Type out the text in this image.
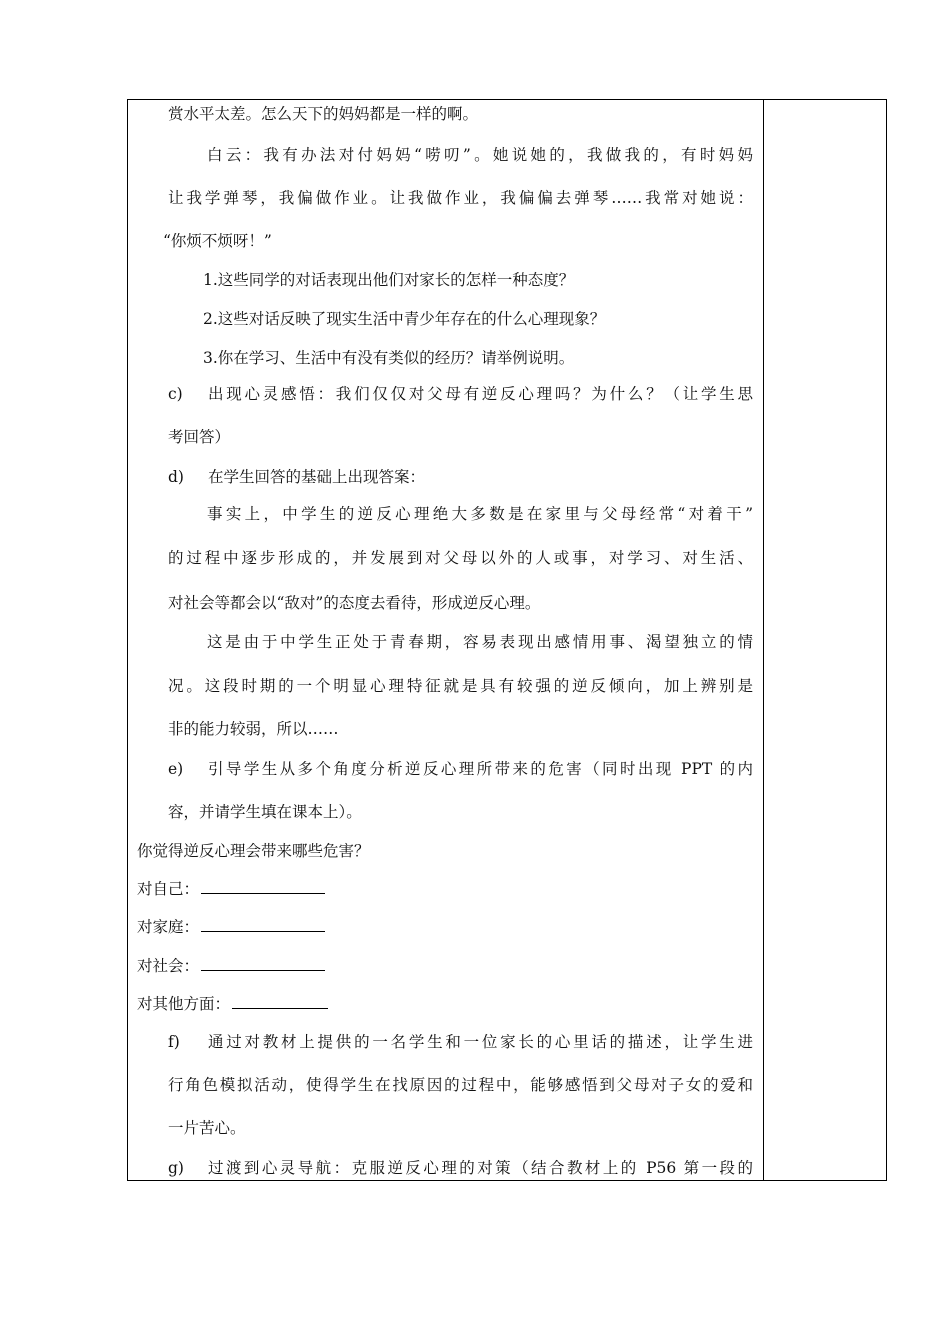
赏水平太差。怎么天下的妈妈都是一样的啊。
白云：我有办法对付妈妈“唠叨”。她说她的，我做我的，有时妈妈
让我学弹琴，我偏做作业。让我做作业，我偏偏去弹琴……我常对她说：
“你烦不烦呀！”
1.这些同学的对话表现出他们对家长的怎样一种态度？
2.这些对话反映了现实生活中青少年存在的什么心理现象？
3.你在学习、生活中有没有类似的经历？请举例说明。
c) 出现心灵感悟：我们仅仅对父母有逆反心理吗？为什么？（让学生思
考回答）
d) 在学生回答的基础上出现答案：
事实上，中学生的逆反心理绝大多数是在家里与父母经常“对着干”
的过程中逐步形成的，并发展到对父母以外的人或事，对学习、对生活、
对社会等都会以“敌对”的态度去看待，形成逆反心理。
这是由于中学生正处于青春期，容易表现出感情用事、渴望独立的情
况。这段时期的一个明显心理特征就是具有较强的逆反倾向，加上辨别是
非的能力较弱，所以……
e) 引导学生从多个角度分析逆反心理所带来的危害（同时出现 PPT 的内
容，并请学生填在课本上）。
你觉得逆反心理会带来哪些危害？
对自己：
对家庭：
对社会：
对其他方面：
f) 通过对教材上提供的一名学生和一位家长的心里话的描述，让学生进
行角色模拟活动，使得学生在找原因的过程中，能够感悟到父母对子女的爱和
一片苦心。
g) 过渡到心灵导航：克服逆反心理的对策（结合教材上的 P56 第一段的
